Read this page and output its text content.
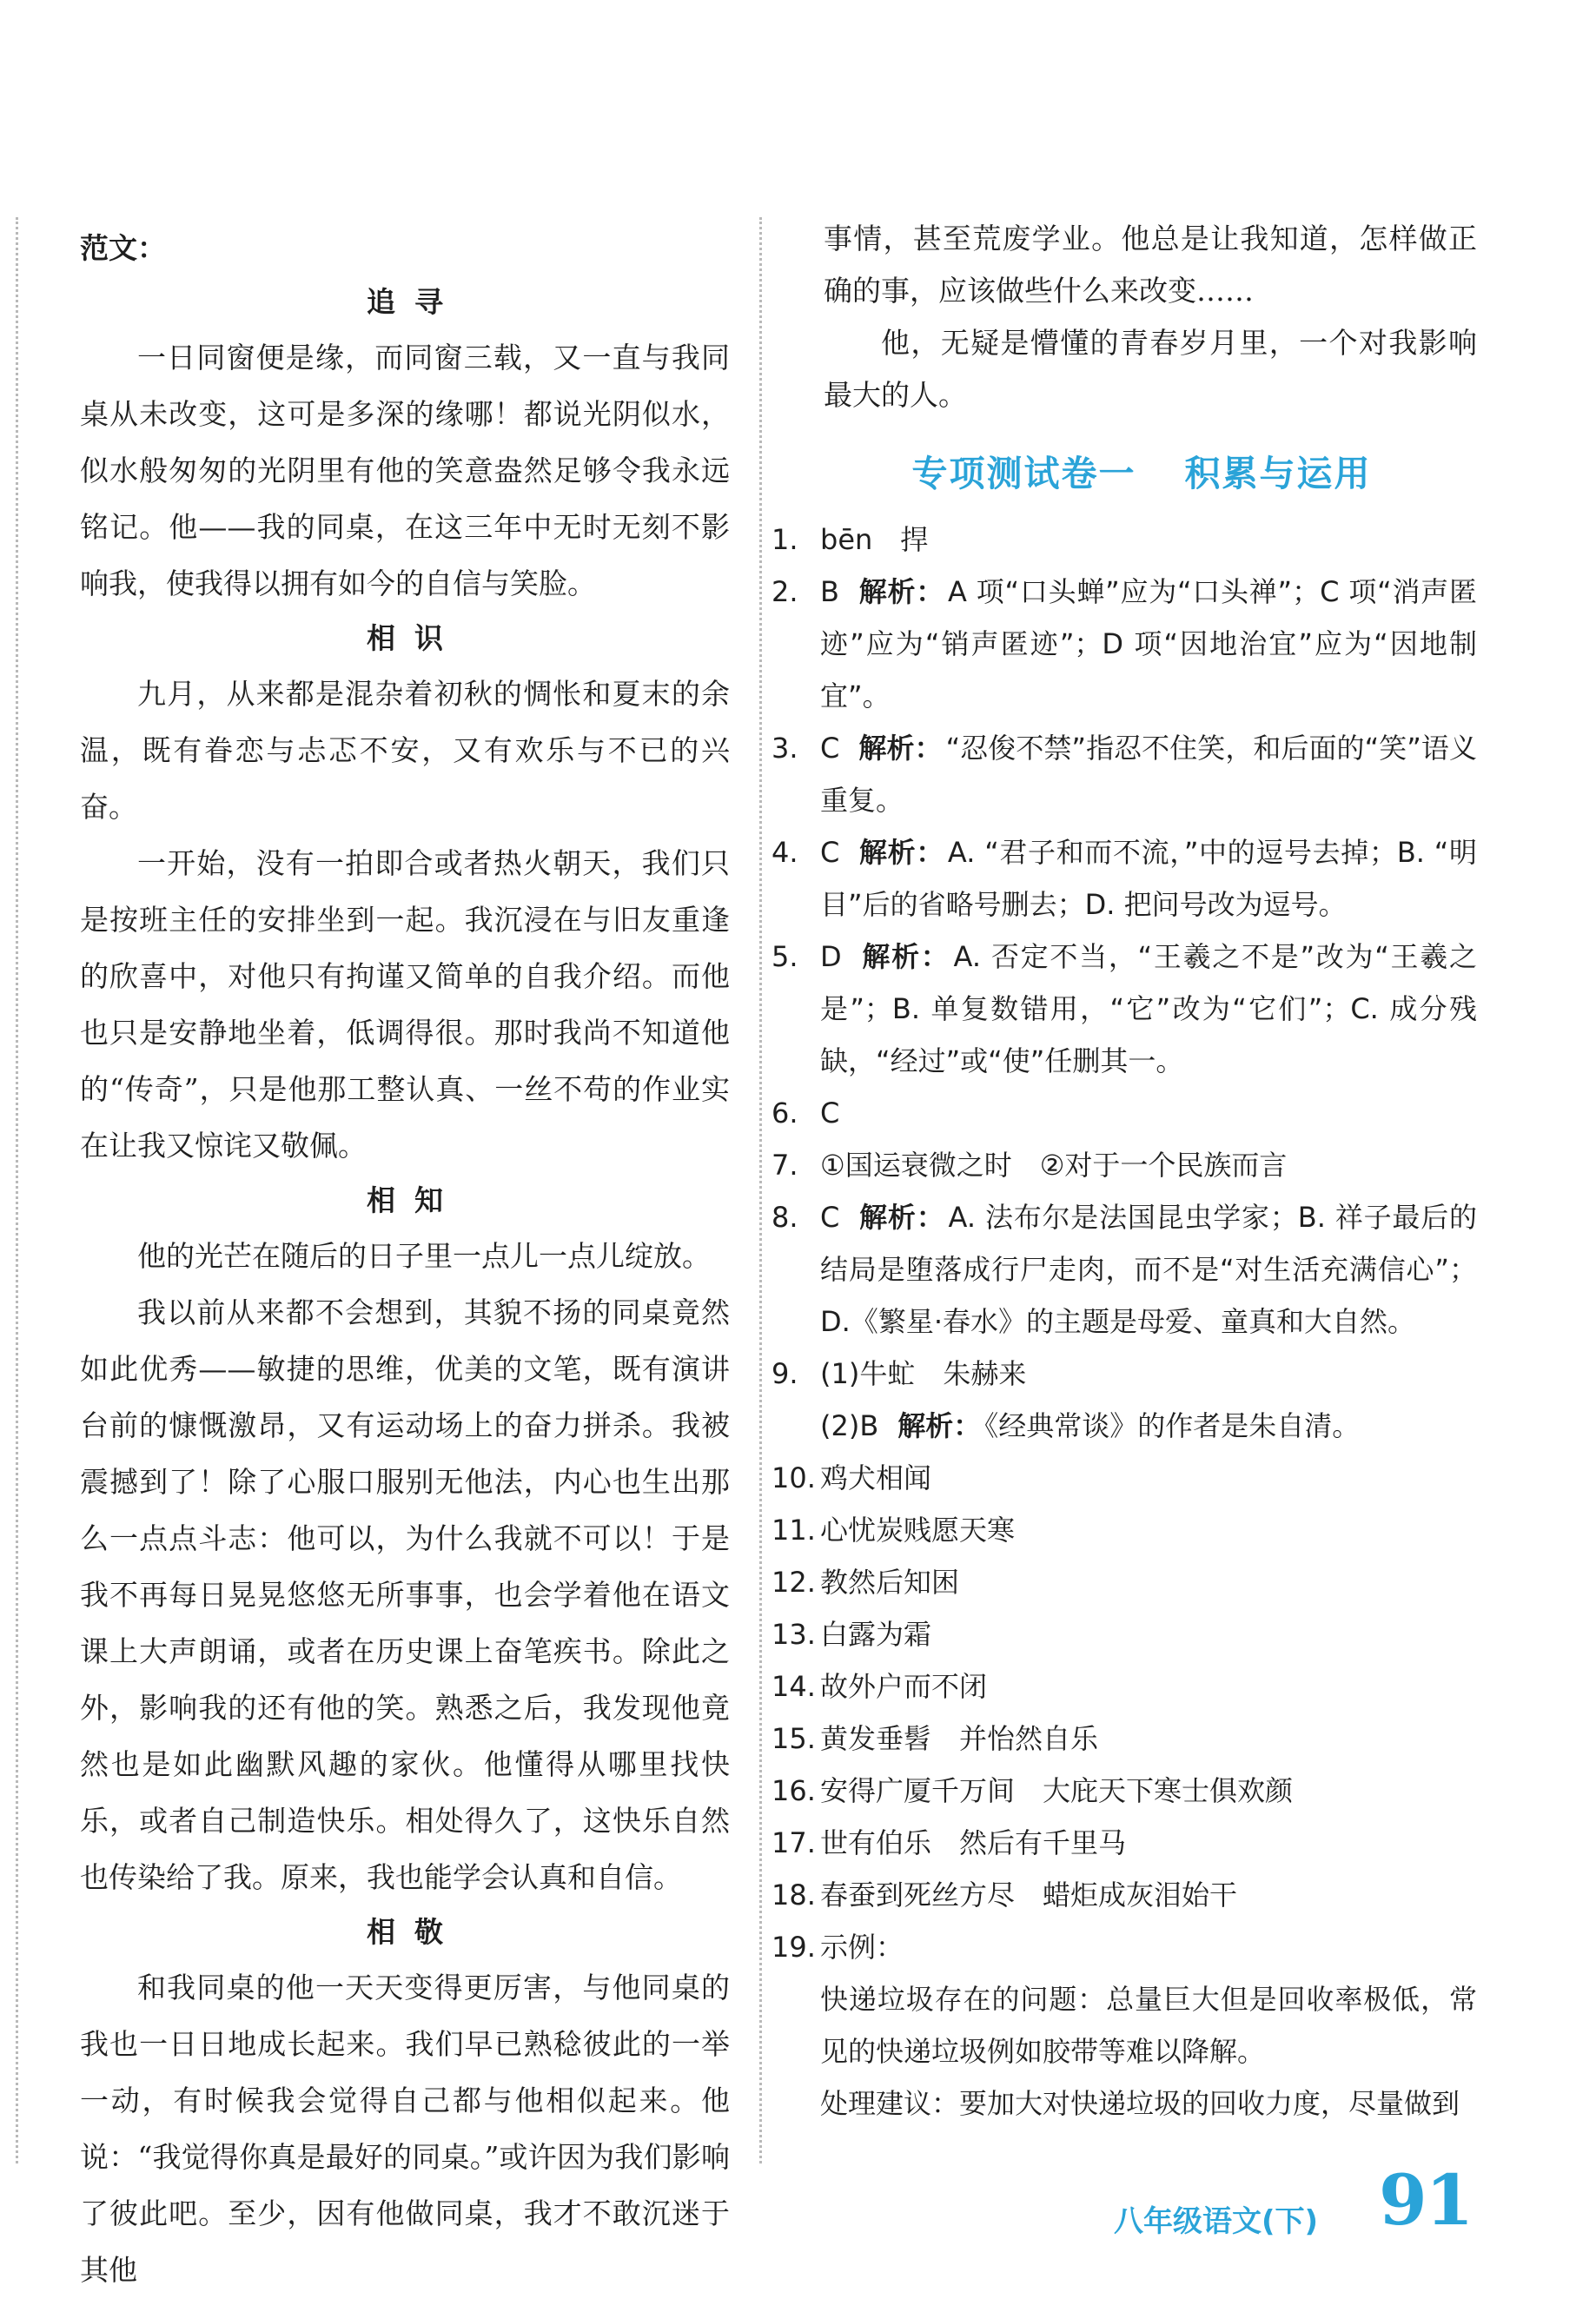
范文：
追寻

一日同窗便是缘，而同窗三载，又一直与我同桌从未改变，这可是多深的缘哪！都说光阴似水，似水般匆匆的光阴里有他的笑意盎然足够令我永远铭记。他——我的同桌，在这三年中无时无刻不影响我，使我得以拥有如今的自信与笑脸。

相识

九月，从来都是混杂着初秋的惆怅和夏末的余温，既有眷恋与忐忑不安，又有欢乐与不已的兴奋。

一开始，没有一拍即合或者热火朝天，我们只是按班主任的安排坐到一起。我沉浸在与旧友重逢的欣喜中，对他只有拘谨又简单的自我介绍。而他也只是安静地坐着，低调得很。那时我尚不知道他的“传奇”，只是他那工整认真、一丝不苟的作业实在让我又惊诧又敬佩。

相知

他的光芒在随后的日子里一点儿一点儿绽放。

我以前从来都不会想到，其貌不扬的同桌竟然如此优秀——敏捷的思维，优美的文笔，既有演讲台前的慷慨激昂，又有运动场上的奋力拼杀。我被震撼到了！除了心服口服别无他法，内心也生出那么一点点斗志：他可以，为什么我就不可以！于是我不再每日晃晃悠悠无所事事，也会学着他在语文课上大声朗诵，或者在历史课上奋笔疾书。除此之外，影响我的还有他的笑。熟悉之后，我发现他竟然也是如此幽默风趣的家伙。他懂得从哪里找快乐，或者自己制造快乐。相处得久了，这快乐自然也传染给了我。原来，我也能学会认真和自信。

相敬

和我同桌的他一天天变得更厉害，与他同桌的我也一日日地成长起来。我们早已熟稔彼此的一举一动，有时候我会觉得自己都与他相似起来。他说：“我觉得你真是最好的同桌。”或许因为我们影响了彼此吧。至少，因有他做同桌，我才不敢沉迷于其他

事情，甚至荒废学业。他总是让我知道，怎样做正确的事，应该做些什么来改变……

他，无疑是懵懂的青春岁月里，一个对我影响最大的人。

专项测试卷一 积累与运用
1. bēn　捍
2. B 解析： A 项“口头蝉”应为“口头禅”；C 项“消声匿迹”应为“销声匿迹”；D 项“因地治宜”应为“因地制宜”。
3. C 解析： “忍俊不禁”指忍不住笑，和后面的“笑”语义重复。
4. C 解析： A. “君子和而不流，”中的逗号去掉；B. “明目”后的省略号删去；D. 把问号改为逗号。
5. D 解析： A. 否定不当，“王羲之不是”改为“王羲之是”；B. 单复数错用，“它”改为“它们”；C. 成分残缺，“经过”或“使”任删其一。
6. C
7. ①国运衰微之时　②对于一个民族而言
8. C 解析： A. 法布尔是法国昆虫学家；B. 祥子最后的结局是堕落成行尸走肉，而不是“对生活充满信心”；D.《繁星·春水》的主题是母爱、童真和大自然。
9. (1)牛虻　朱赫来
(2)B 解析： 《经典常谈》的作者是朱自清。
10. 鸡犬相闻
11. 心忧炭贱愿天寒
12. 教然后知困
13. 白露为霜
14. 故外户而不闭
15. 黄发垂髫　并怡然自乐
16. 安得广厦千万间　大庇天下寒士俱欢颜
17. 世有伯乐　然后有千里马
18. 春蚕到死丝方尽　蜡炬成灰泪始干
19. 示例：
快递垃圾存在的问题：总量巨大但是回收率极低，常见的快递垃圾例如胶带等难以降解。
处理建议：要加大对快递垃圾的回收力度，尽量做到
八年级语文(下) 91
